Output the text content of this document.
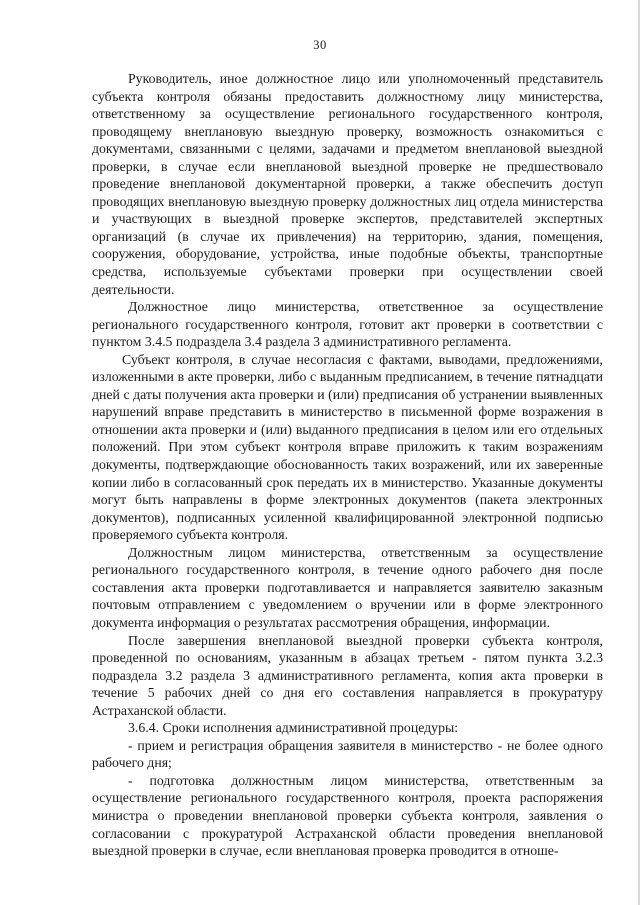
30

Руководитель, иное должностное лицо или уполномоченный представитель субъекта контроля обязаны предоставить должностному лицу министерства, ответственному за осуществление регионального государственного контроля, проводящему внеплановую выездную проверку, возможность ознакомиться с документами, связанными с целями, задачами и предметом внеплановой выездной проверки, в случае если внеплановой выездной проверке не предшествовало проведение внеплановой документарной проверки, а также обеспечить доступ проводящих внеплановую выездную проверку должностных лиц отдела министерства и участвующих в выездной проверке экспертов, представителей экспертных организаций (в случае их привлечения) на территорию, здания, помещения, сооружения, оборудование, устройства, иные подобные объекты, транспортные средства, используемые субъектами проверки при осуществлении своей деятельности.

Должностное лицо министерства, ответственное за осуществление регионального государственного контроля, готовит акт проверки в соответствии с пунктом 3.4.5 подраздела 3.4 раздела 3 административного регламента.

Субъект контроля, в случае несогласия с фактами, выводами, предложениями, изложенными в акте проверки, либо с выданным предписанием, в течение пятнадцати дней с даты получения акта проверки и (или) предписания об устранении выявленных нарушений вправе представить в министерство в письменной форме возражения в отношении акта проверки и (или) выданного предписания в целом или его отдельных положений. При этом субъект контроля вправе приложить к таким возражениям документы, подтверждающие обоснованность таких возражений, или их заверенные копии либо в согласованный срок передать их в министерство. Указанные документы могут быть направлены в форме электронных документов (пакета электронных документов), подписанных усиленной квалифицированной электронной подписью проверяемого субъекта контроля.

Должностным лицом министерства, ответственным за осуществление регионального государственного контроля, в течение одного рабочего дня после составления акта проверки подготавливается и направляется заявителю заказным почтовым отправлением с уведомлением о вручении или в форме электронного документа информация о результатах рассмотрения обращения, информации.

После завершения внеплановой выездной проверки субъекта контроля, проведенной по основаниям, указанным в абзацах третьем - пятом пункта 3.2.3 подраздела 3.2 раздела 3 административного регламента, копия акта проверки в течение 5 рабочих дней со дня его составления направляется в прокуратуру Астраханской области.

3.6.4. Сроки исполнения административной процедуры:

- прием и регистрация обращения заявителя в министерство - не более одного рабочего дня;

- подготовка должностным лицом министерства, ответственным за осуществление регионального государственного контроля, проекта распоряжения министра о проведении внеплановой проверки субъекта контроля, заявления о согласовании с прокуратурой Астраханской области проведения внеплановой выездной проверки в случае, если внеплановая проверка проводится в отноше-
